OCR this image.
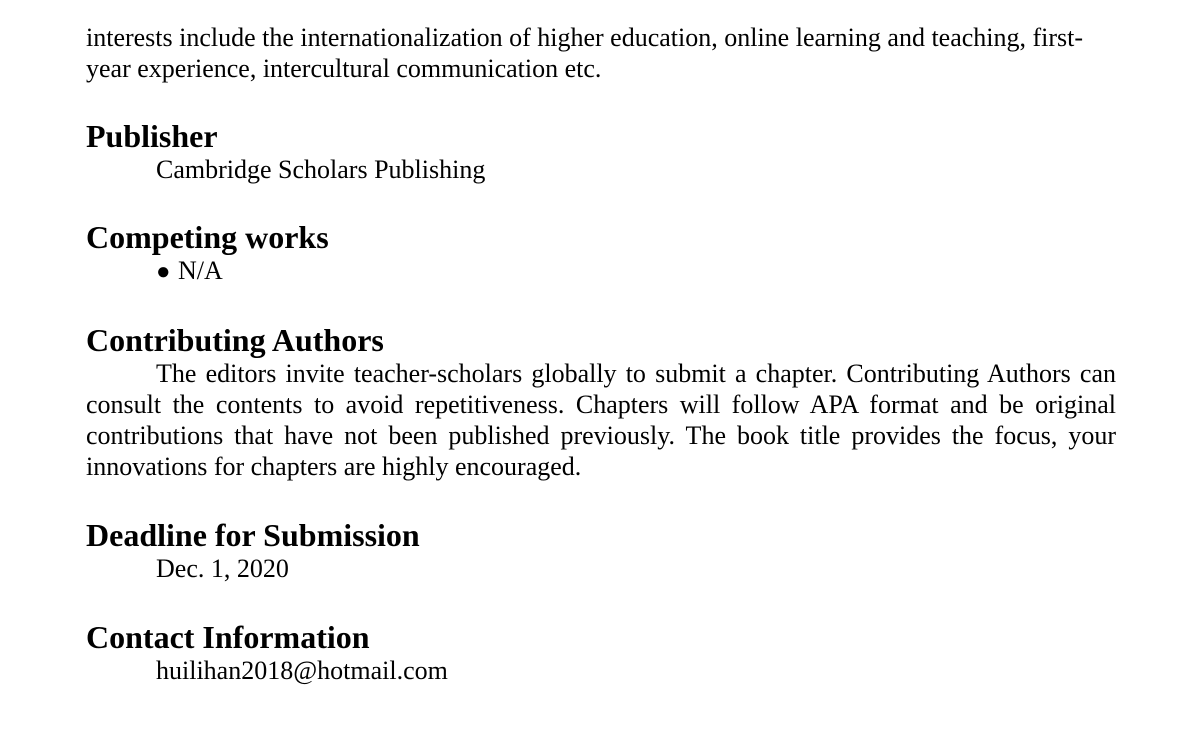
interests include the internationalization of higher education, online learning and teaching, first-year experience, intercultural communication etc.

Publisher

Cambridge Scholars Publishing

Competing works
● N/A
Contributing Authors

The editors invite teacher-scholars globally to submit a chapter. Contributing Authors can consult the contents to avoid repetitiveness. Chapters will follow APA format and be original contributions that have not been published previously. The book title provides the focus, your innovations for chapters are highly encouraged.

Deadline for Submission

Dec. 1, 2020

Contact Information

huilihan2018@hotmail.com
